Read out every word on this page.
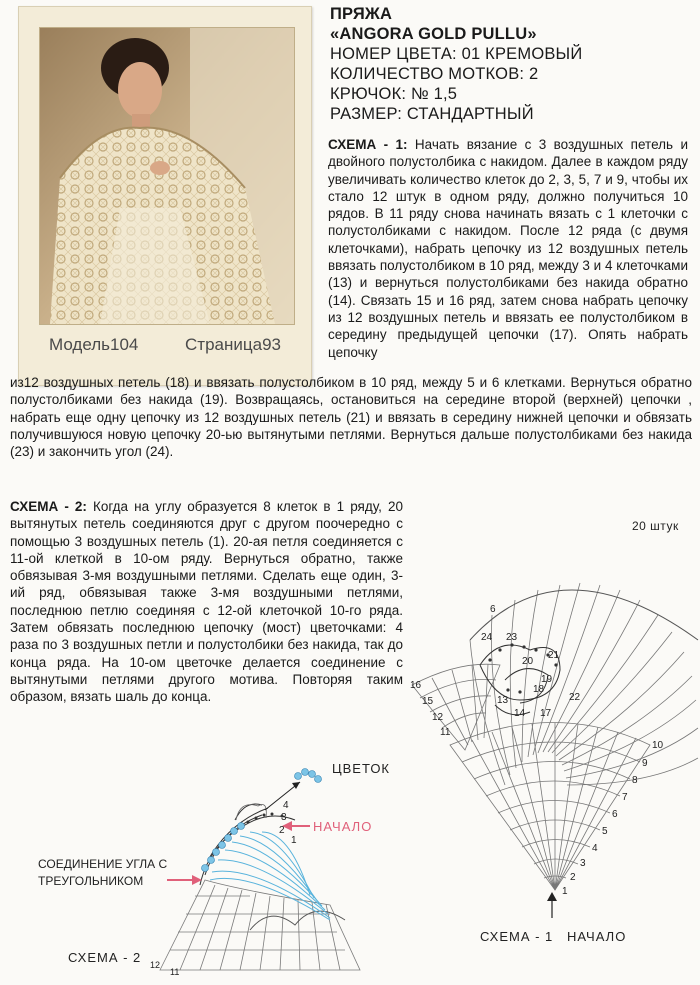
Модель104	Страница93
ПРЯЖА
«ANGORA GOLD PULLU»
НОМЕР ЦВЕТА: 01 КРЕМОВЫЙ
КОЛИЧЕСТВО МОТКОВ: 2
КРЮЧОК: № 1,5
РАЗМЕР: СТАНДАРТНЫЙ

СХЕМА - 1: Начать вязание с 3 воздушных петель и двойного полустолбика с накидом. Далее в каждом ряду увеличивать количество клеток до 2, 3, 5, 7 и 9, чтобы их стало 12 штук в одном ряду, должно получиться 10 рядов. В 11 ряду снова начинать вязать с 1 клеточки с полустолбиками с накидом. После 12 ряда (с двумя клеточками), набрать цепочку из 12 воздушных петель ввязать полустолбиком в 10 ряд, между 3 и 4 клеточками (13) и вернуться полустолбиками без накида обратно (14). Связать 15 и 16 ряд, затем снова набрать цепочку из 12 воздушных петель и ввязать ее полустолбиком в середину предыдущей цепочки (17). Опять набрать цепочку

из12 воздушных петель (18) и ввязать полустолбиком в 10 ряд, между 5 и 6 клетками. Вернуться обратно полустолбиками без накида (19). Возвращаясь, остановиться на середине второй (верхней) цепочки , набрать еще одну цепочку из 12 воздушных петель (21) и ввязать в середину нижней цепочки и обвязать получившуюся новую цепочку 20-ью вытянутыми петлями. Вернуться дальше полустолбиками без накида (23) и закончить угол (24).

СХЕМА - 2: Когда на углу образуется 8 клеток в 1 ряду, 20 вытянутых петель соединяются друг с другом поочередно с помощью 3 воздушных петель (1). 20-ая петля соединяется с 11-ой клеткой в 10-ом ряду. Вернуться обратно, также обвязывая 3-мя воздушными петлями. Сделать еще один, 3-ий ряд, обвязывая также 3-мя воздушными петлями, последнюю петлю соединяя с 12-ой клеточкой 10-го ряда. Затем обвязать последнюю цепочку (мост) цветочками: 4 раза по 3 воздушных петли и полустолбики без накида, так до конца ряда. На 10-ом цветочке делается соединение с вытянутыми петлями другого мотива. Повторяя таким образом, вязать шаль до конца.

ЦВЕТОК
НАЧАЛО
СОЕДИНЕНИЕ УГЛА С
ТРЕУГОЛЬНИКОМ
СХЕМА - 2
4
3
2
1
12
11
6
24 23
20
21
19
18
14
13	22
17
16
15
12
11
10
9
8
7
6
5
4
3
2
1
20 штук
СХЕМА - 1 НАЧАЛО
